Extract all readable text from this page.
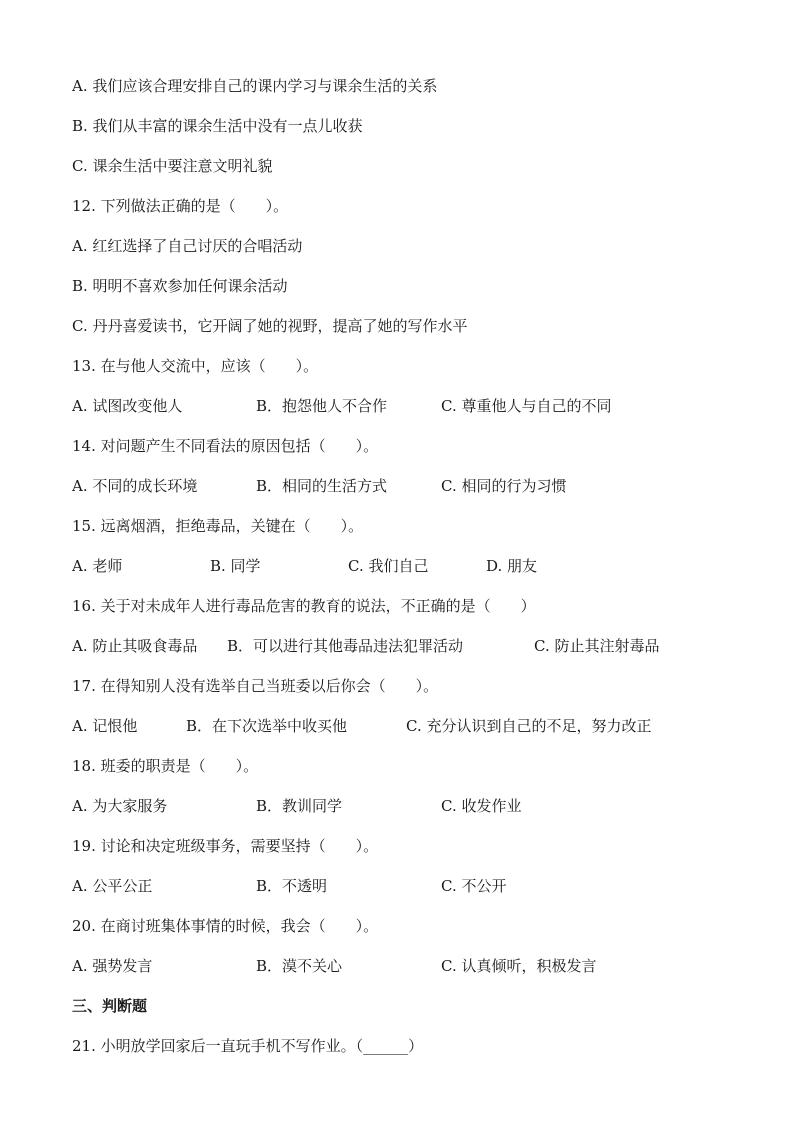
A. 我们应该合理安排自己的课内学习与课余生活的关系
B. 我们从丰富的课余生活中没有一点儿收获
C. 课余生活中要注意文明礼貌
12. 下列做法正确的是（　　）。
A. 红红选择了自己讨厌的合唱活动
B. 明明不喜欢参加任何课余活动
C. 丹丹喜爱读书，它开阔了她的视野，提高了她的写作水平
13. 在与他人交流中，应该（　　）。
A. 试图改变他人	B．抱怨他人不合作	C. 尊重他人与自己的不同
14. 对问题产生不同看法的原因包括（　　）。
A. 不同的成长环境	B．相同的生活方式	C. 相同的行为习惯
15. 远离烟酒，拒绝毒品，关键在（　　）。
A. 老师	B. 同学	C. 我们自己	D. 朋友
16. 关于对未成年人进行毒品危害的教育的说法，不正确的是（　　）
A. 防止其吸食毒品 B．可以进行其他毒品违法犯罪活动	C. 防止其注射毒品
17. 在得知别人没有选举自己当班委以后你会（　　）。
A. 记恨他	B．在下次选举中收买他	C. 充分认识到自己的不足，努力改正
18. 班委的职责是（　　）。
A. 为大家服务	B．教训同学	C. 收发作业
19. 讨论和决定班级事务，需要坚持（　　）。
A. 公平公正	B．不透明	C. 不公开
20. 在商讨班集体事情的时候，我会（　　）。
A. 强势发言	B．漠不关心	C. 认真倾听，积极发言
三、判断题
21. 小明放学回家后一直玩手机不写作业。（______）
